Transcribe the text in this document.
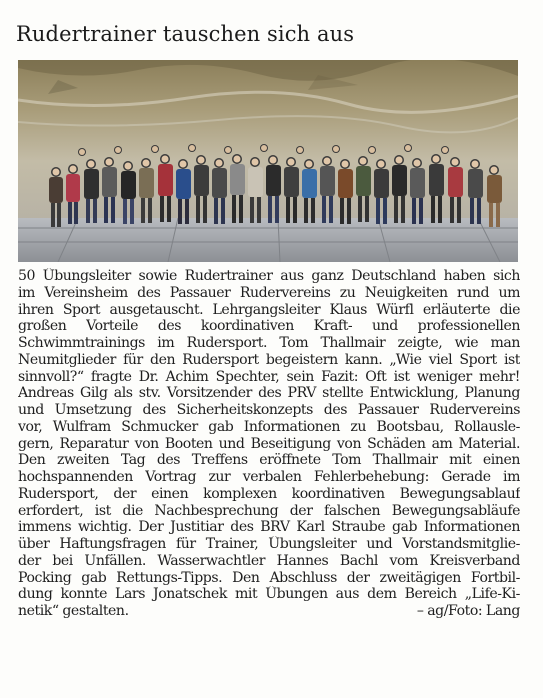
Rudertrainer tauschen sich aus
50 Übungsleiter sowie Rudertrainer aus ganz Deutschland haben sich
im Vereinsheim des Passauer Rudervereins zu Neuigkeiten rund um
ihren Sport ausgetauscht. Lehrgangsleiter Klaus Würfl erläuterte die
großen Vorteile des koordinativen Kraft- und professionellen
Schwimmtrainings im Rudersport. Tom Thallmair zeigte, wie man
Neumitglieder für den Rudersport begeistern kann. „Wie viel Sport ist
sinnvoll?“ fragte Dr. Achim Spechter, sein Fazit: Oft ist weniger mehr!
Andreas Gilg als stv. Vorsitzender des PRV stellte Entwicklung, Planung
und Umsetzung des Sicherheitskonzepts des Passauer Rudervereins
vor, Wulfram Schmucker gab Informationen zu Bootsbau, Rollausle-
gern, Reparatur von Booten und Beseitigung von Schäden am Material.
Den zweiten Tag des Treffens eröffnete Tom Thallmair mit einen
hochspannenden Vortrag zur verbalen Fehlerbehebung: Gerade im
Rudersport, der einen komplexen koordinativen Bewegungsablauf
erfordert, ist die Nachbesprechung der falschen Bewegungsabläufe
immens wichtig. Der Justitiar des BRV Karl Straube gab Informationen
über Haftungsfragen für Trainer, Übungsleiter und Vorstandsmitglie-
der bei Unfällen. Wasserwachtler Hannes Bachl vom Kreisverband
Pocking gab Rettungs-Tipps. Den Abschluss der zweitägigen Fortbil-
dung konnte Lars Jonatschek mit Übungen aus dem Bereich „Life-Ki-
netik“ gestalten.	– ag/Foto: Lang
